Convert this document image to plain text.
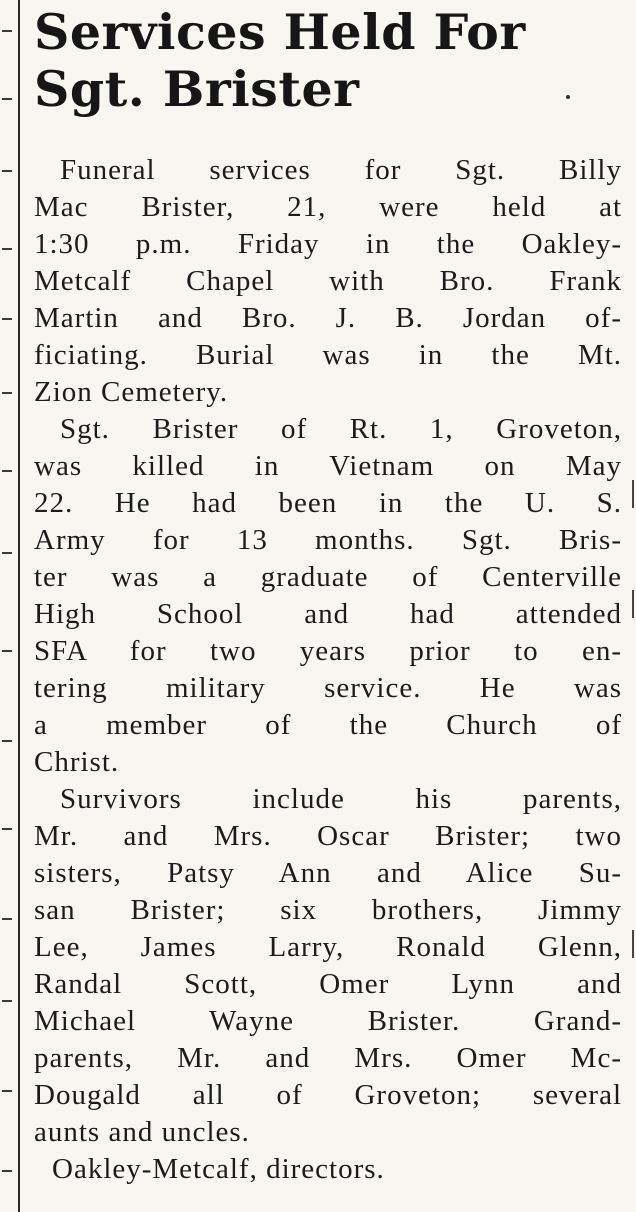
Services Held For
Sgt. Brister
Funeral services for Sgt. Billy
Mac Brister, 21, were held at
1:30 p.m. Friday in the Oakley-
Metcalf Chapel with Bro. Frank
Martin and Bro. J. B. Jordan of-
ficiating. Burial was in the Mt.
Zion Cemetery.
Sgt. Brister of Rt. 1, Groveton,
was killed in Vietnam on May
22. He had been in the U. S.
Army for 13 months. Sgt. Bris-
ter was a graduate of Centerville
High School and had attended
SFA for two years prior to en-
tering military service. He was
a member of the Church of
Christ.
Survivors include his parents,
Mr. and Mrs. Oscar Brister; two
sisters, Patsy Ann and Alice Su-
san Brister; six brothers, Jimmy
Lee, James Larry, Ronald Glenn,
Randal Scott, Omer Lynn and
Michael Wayne Brister. Grand-
parents, Mr. and Mrs. Omer Mc-
Dougald all of Groveton; several
aunts and uncles.
Oakley-Metcalf, directors.
